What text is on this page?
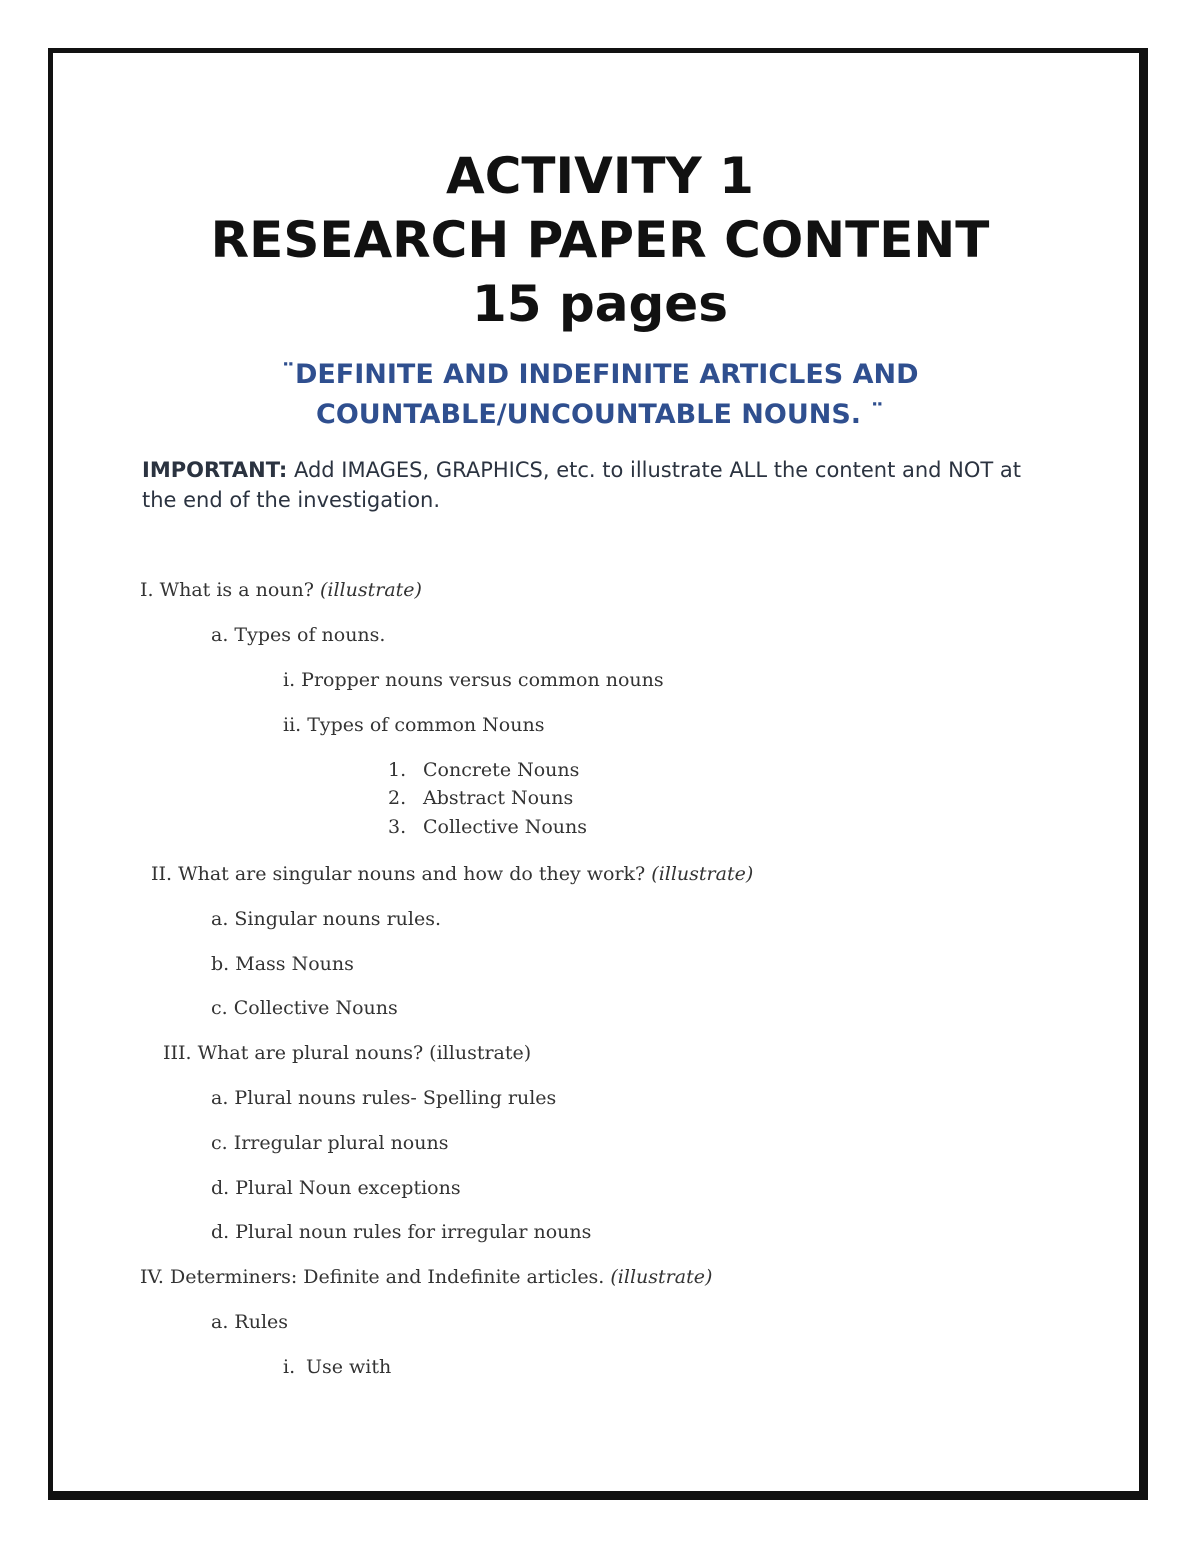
ACTIVITY 1
RESEARCH PAPER CONTENT
15 pages
¨DEFINITE AND INDEFINITE ARTICLES AND
COUNTABLE/UNCOUNTABLE NOUNS. ¨
IMPORTANT: Add IMAGES, GRAPHICS, etc. to illustrate ALL the content and NOT at the end of the investigation.
I. What is a noun? (illustrate)
a. Types of nouns.
i. Propper nouns versus common nouns
ii. Types of common Nouns
1. Concrete Nouns
2. Abstract Nouns
3. Collective Nouns
II. What are singular nouns and how do they work? (illustrate)
a. Singular nouns rules.
b. Mass Nouns
c. Collective Nouns
III. What are plural nouns? (illustrate)
a. Plural nouns rules- Spelling rules
c. Irregular plural nouns
d. Plural Noun exceptions
d. Plural noun rules for irregular nouns
IV. Determiners: Definite and Indefinite articles. (illustrate)
a. Rules
i. Use with
